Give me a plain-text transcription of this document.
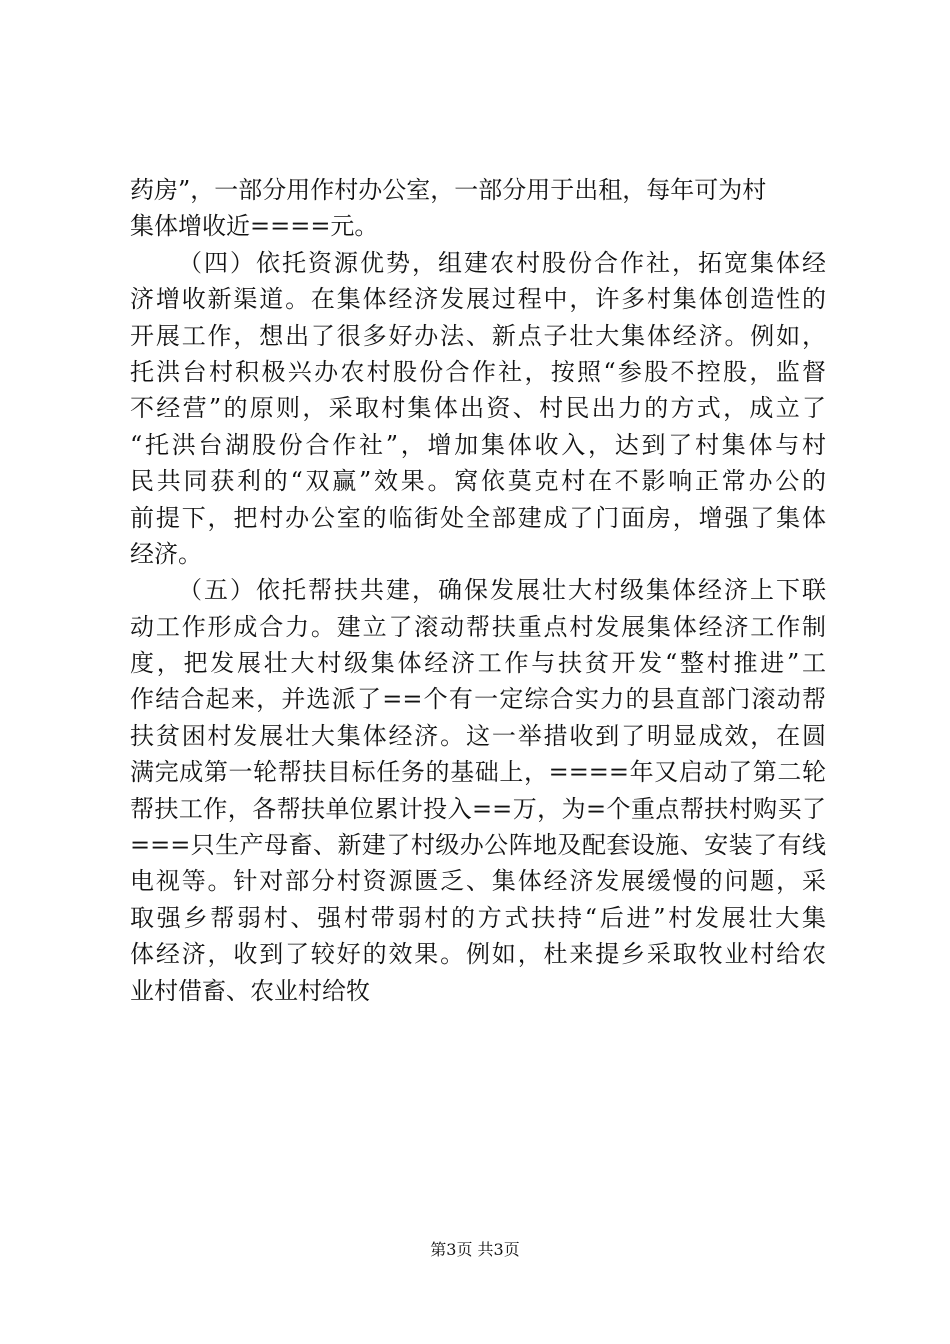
药房”，一部分用作村办公室，一部分用于出租，每年可为村
集体增收近====元。
（四）依托资源优势，组建农村股份合作社，拓宽集体经
济增收新渠道。在集体经济发展过程中，许多村集体创造性的
开展工作，想出了很多好办法、新点子壮大集体经济。例如，
托洪台村积极兴办农村股份合作社，按照“参股不控股，监督
不经营”的原则，采取村集体出资、村民出力的方式，成立了
“托洪台湖股份合作社”，增加集体收入，达到了村集体与村
民共同获利的“双赢”效果。窝依莫克村在不影响正常办公的
前提下，把村办公室的临街处全部建成了门面房，增强了集体
经济。
（五）依托帮扶共建，确保发展壮大村级集体经济上下联
动工作形成合力。建立了滚动帮扶重点村发展集体经济工作制
度，把发展壮大村级集体经济工作与扶贫开发“整村推进”工
作结合起来，并选派了==个有一定综合实力的县直部门滚动帮
扶贫困村发展壮大集体经济。这一举措收到了明显成效，在圆
满完成第一轮帮扶目标任务的基础上，====年又启动了第二轮
帮扶工作，各帮扶单位累计投入==万，为=个重点帮扶村购买了
===只生产母畜、新建了村级办公阵地及配套设施、安装了有线
电视等。针对部分村资源匮乏、集体经济发展缓慢的问题，采
取强乡帮弱村、强村带弱村的方式扶持“后进”村发展壮大集
体经济，收到了较好的效果。例如，杜来提乡采取牧业村给农
业村借畜、农业村给牧
第3页 共3页
